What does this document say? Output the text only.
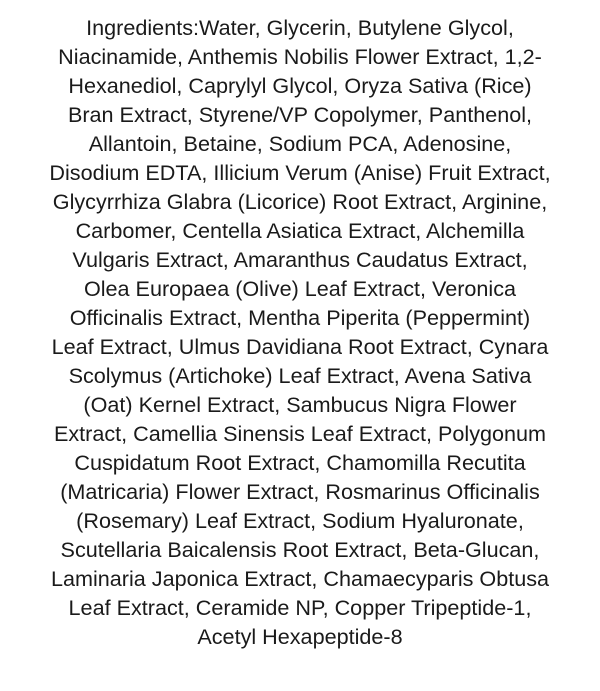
Ingredients:Water, Glycerin, Butylene Glycol,
Niacinamide, Anthemis Nobilis Flower Extract, 1,2-
Hexanediol, Caprylyl Glycol, Oryza Sativa (Rice)
Bran Extract, Styrene/VP Copolymer, Panthenol,
Allantoin, Betaine, Sodium PCA, Adenosine,
Disodium EDTA, Illicium Verum (Anise) Fruit Extract,
Glycyrrhiza Glabra (Licorice) Root Extract, Arginine,
Carbomer, Centella Asiatica Extract, Alchemilla
Vulgaris Extract, Amaranthus Caudatus Extract,
Olea Europaea (Olive) Leaf Extract, Veronica
Officinalis Extract, Mentha Piperita (Peppermint)
Leaf Extract, Ulmus Davidiana Root Extract, Cynara
Scolymus (Artichoke) Leaf Extract, Avena Sativa
(Oat) Kernel Extract, Sambucus Nigra Flower
Extract, Camellia Sinensis Leaf Extract, Polygonum
Cuspidatum Root Extract, Chamomilla Recutita
(Matricaria) Flower Extract, Rosmarinus Officinalis
(Rosemary) Leaf Extract, Sodium Hyaluronate,
Scutellaria Baicalensis Root Extract, Beta-Glucan,
Laminaria Japonica Extract, Chamaecyparis Obtusa
Leaf Extract, Ceramide NP, Copper Tripeptide-1,
Acetyl Hexapeptide-8
